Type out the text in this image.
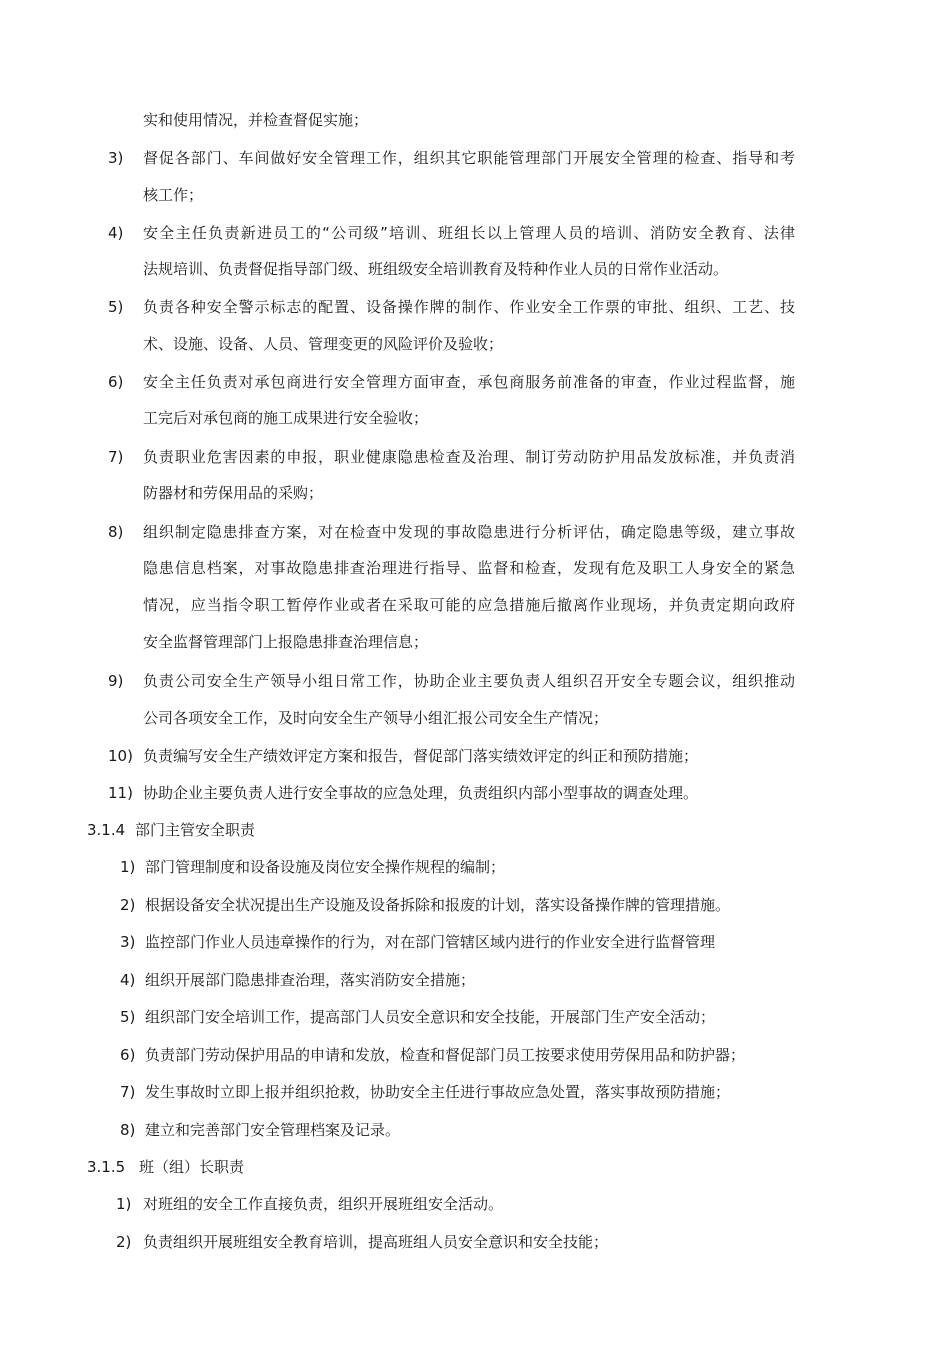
实和使用情况，并检查督促实施；
3) 督促各部门、车间做好安全管理工作，组织其它职能管理部门开展安全管理的检查、指导和考
核工作；
4) 安全主任负责新进员工的“公司级”培训、班组长以上管理人员的培训、消防安全教育、法律
法规培训、负责督促指导部门级、班组级安全培训教育及特种作业人员的日常作业活动。
5) 负责各种安全警示标志的配置、设备操作牌的制作、作业安全工作票的审批、组织、工艺、技
术、设施、设备、人员、管理变更的风险评价及验收；
6) 安全主任负责对承包商进行安全管理方面审查，承包商服务前准备的审查，作业过程监督，施
工完后对承包商的施工成果进行安全验收；
7) 负责职业危害因素的申报，职业健康隐患检查及治理、制订劳动防护用品发放标准，并负责消
防器材和劳保用品的采购；
8) 组织制定隐患排查方案，对在检查中发现的事故隐患进行分析评估，确定隐患等级，建立事故
隐患信息档案，对事故隐患排查治理进行指导、监督和检查，发现有危及职工人身安全的紧急
情况，应当指令职工暂停作业或者在采取可能的应急措施后撤离作业现场，并负责定期向政府
安全监督管理部门上报隐患排查治理信息；
9) 负责公司安全生产领导小组日常工作，协助企业主要负责人组织召开安全专题会议，组织推动
公司各项安全工作，及时向安全生产领导小组汇报公司安全生产情况；
10) 负责编写安全生产绩效评定方案和报告，督促部门落实绩效评定的纠正和预防措施；
11) 协助企业主要负责人进行安全事故的应急处理，负责组织内部小型事故的调查处理。
3.1.4 部门主管安全职责
1) 部门管理制度和设备设施及岗位安全操作规程的编制；
2) 根据设备安全状况提出生产设施及设备拆除和报废的计划，落实设备操作牌的管理措施。
3) 监控部门作业人员违章操作的行为，对在部门管辖区域内进行的作业安全进行监督管理
4) 组织开展部门隐患排查治理，落实消防安全措施；
5) 组织部门安全培训工作，提高部门人员安全意识和安全技能，开展部门生产安全活动；
6) 负责部门劳动保护用品的申请和发放，检查和督促部门员工按要求使用劳保用品和防护器；
7) 发生事故时立即上报并组织抢救，协助安全主任进行事故应急处置，落实事故预防措施；
8) 建立和完善部门安全管理档案及记录。
3.1.5 班（组）长职责
1) 对班组的安全工作直接负责，组织开展班组安全活动。
2) 负责组织开展班组安全教育培训，提高班组人员安全意识和安全技能；
